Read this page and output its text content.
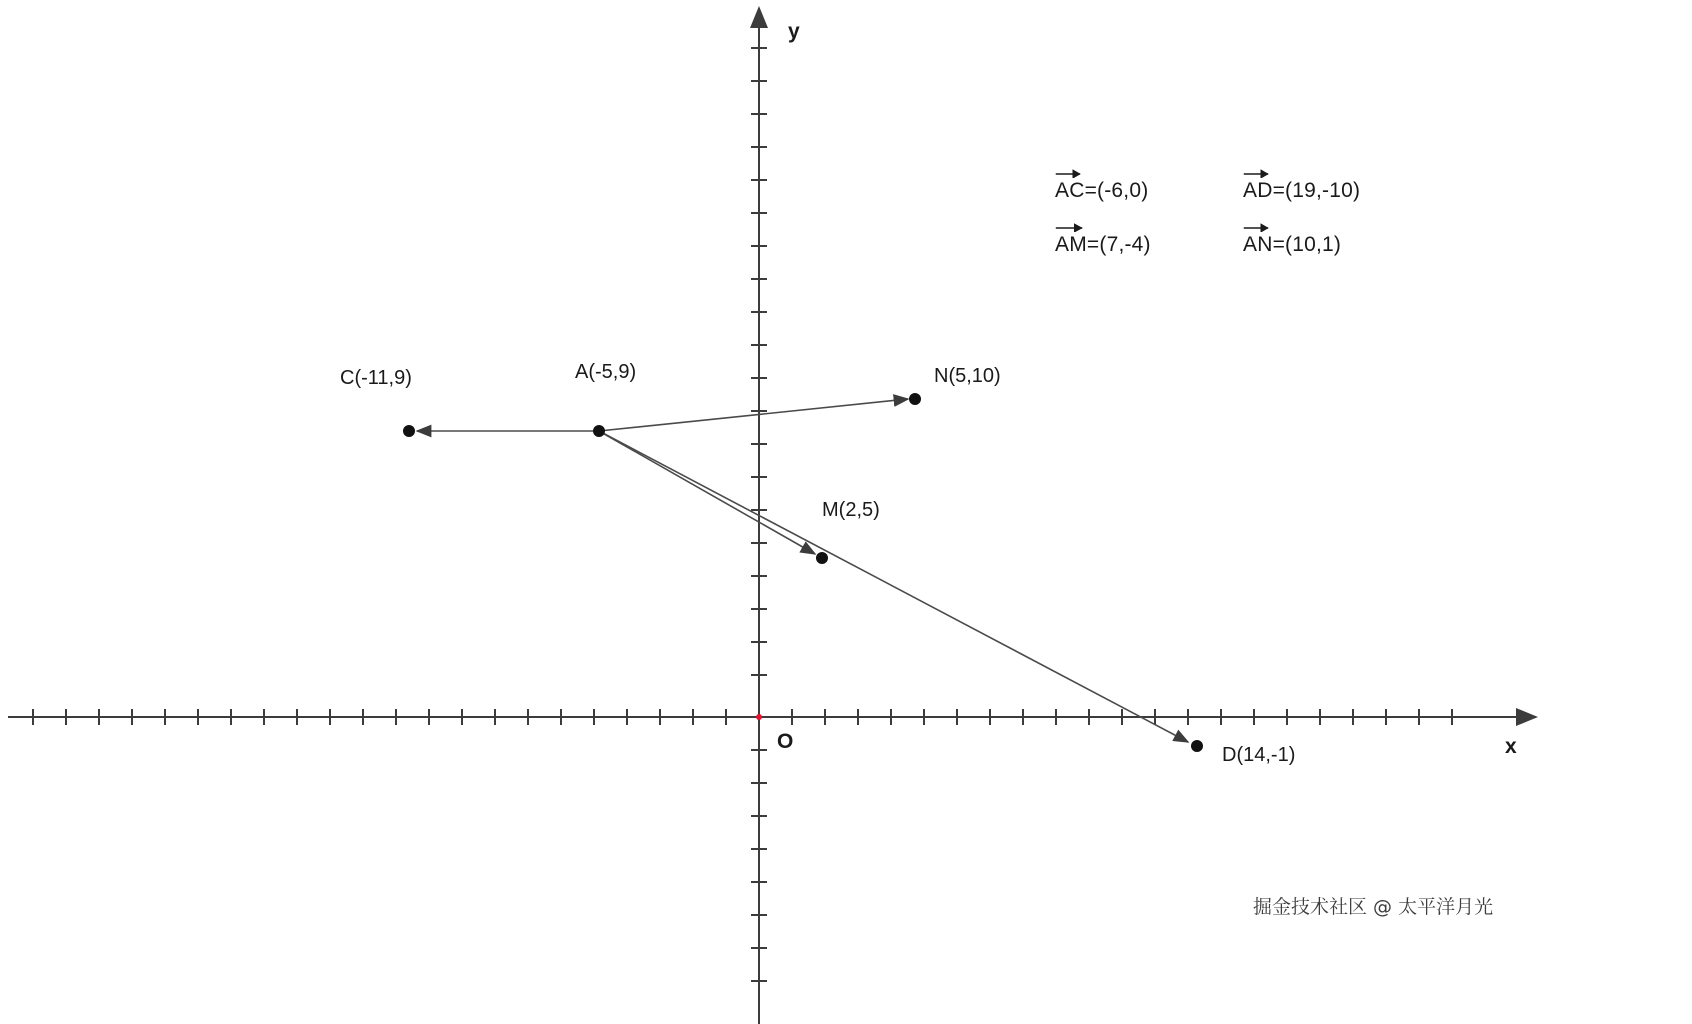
y
x
O
C(-11,9)	A(-5,9)	N(5,10)
M(2,5)
D(14,-1)
AC=(-6,0)	AD=(19,-10)
AM=(7,-4)	AN=(10,1)
掘金技术社区 @ 太平洋月光
